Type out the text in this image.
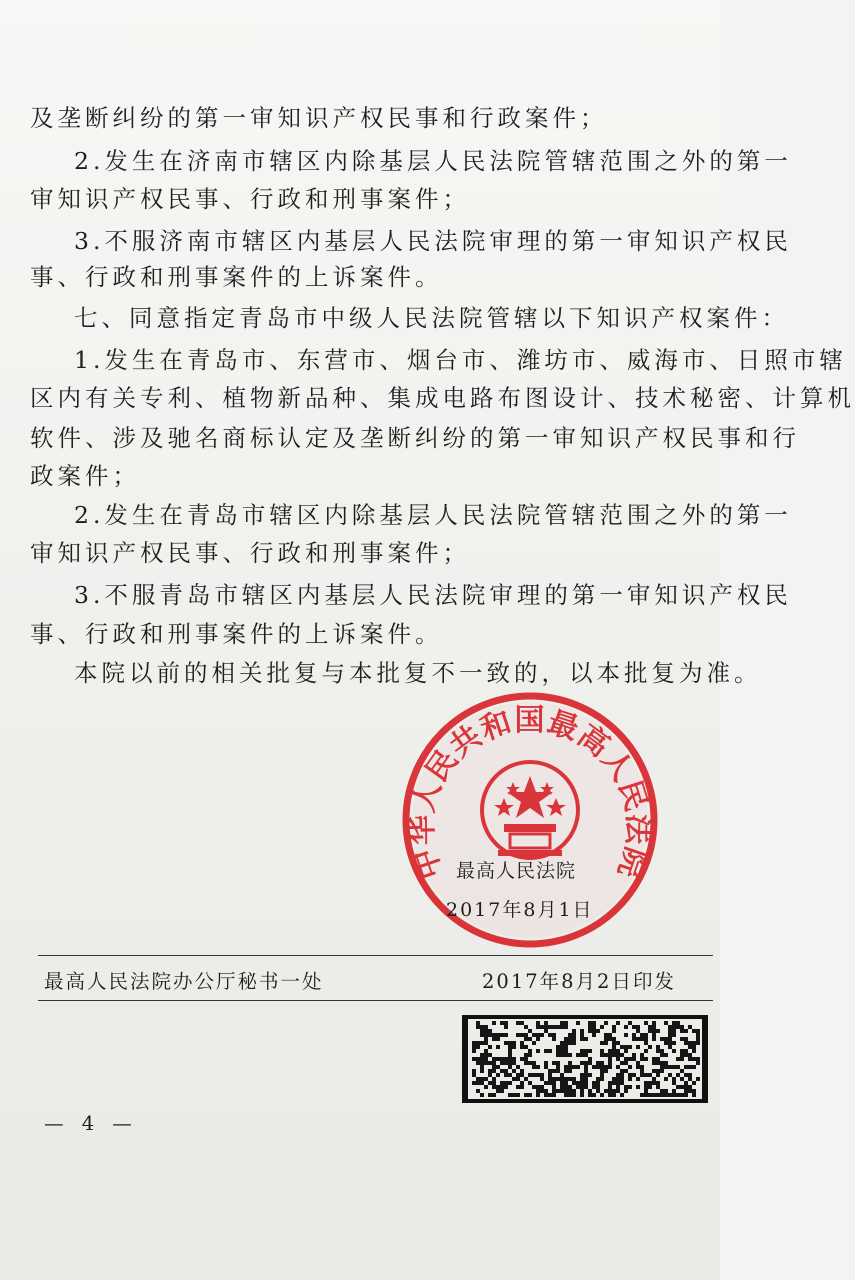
及垄断纠纷的第一审知识产权民事和行政案件；
2.发生在济南市辖区内除基层人民法院管辖范围之外的第一
审知识产权民事、行政和刑事案件；
3.不服济南市辖区内基层人民法院审理的第一审知识产权民
事、行政和刑事案件的上诉案件。
七、同意指定青岛市中级人民法院管辖以下知识产权案件：
1.发生在青岛市、东营市、烟台市、潍坊市、威海市、日照市辖
区内有关专利、植物新品种、集成电路布图设计、技术秘密、计算机
软件、涉及驰名商标认定及垄断纠纷的第一审知识产权民事和行
政案件；
2.发生在青岛市辖区内除基层人民法院管辖范围之外的第一
审知识产权民事、行政和刑事案件；
3.不服青岛市辖区内基层人民法院审理的第一审知识产权民
事、行政和刑事案件的上诉案件。
本院以前的相关批复与本批复不一致的，以本批复为准。
中华人民共和国最高人民法院
最高人民法院
2017年8月1日
最高人民法院办公厅秘书一处	2017年8月2日印发
— 4 —
